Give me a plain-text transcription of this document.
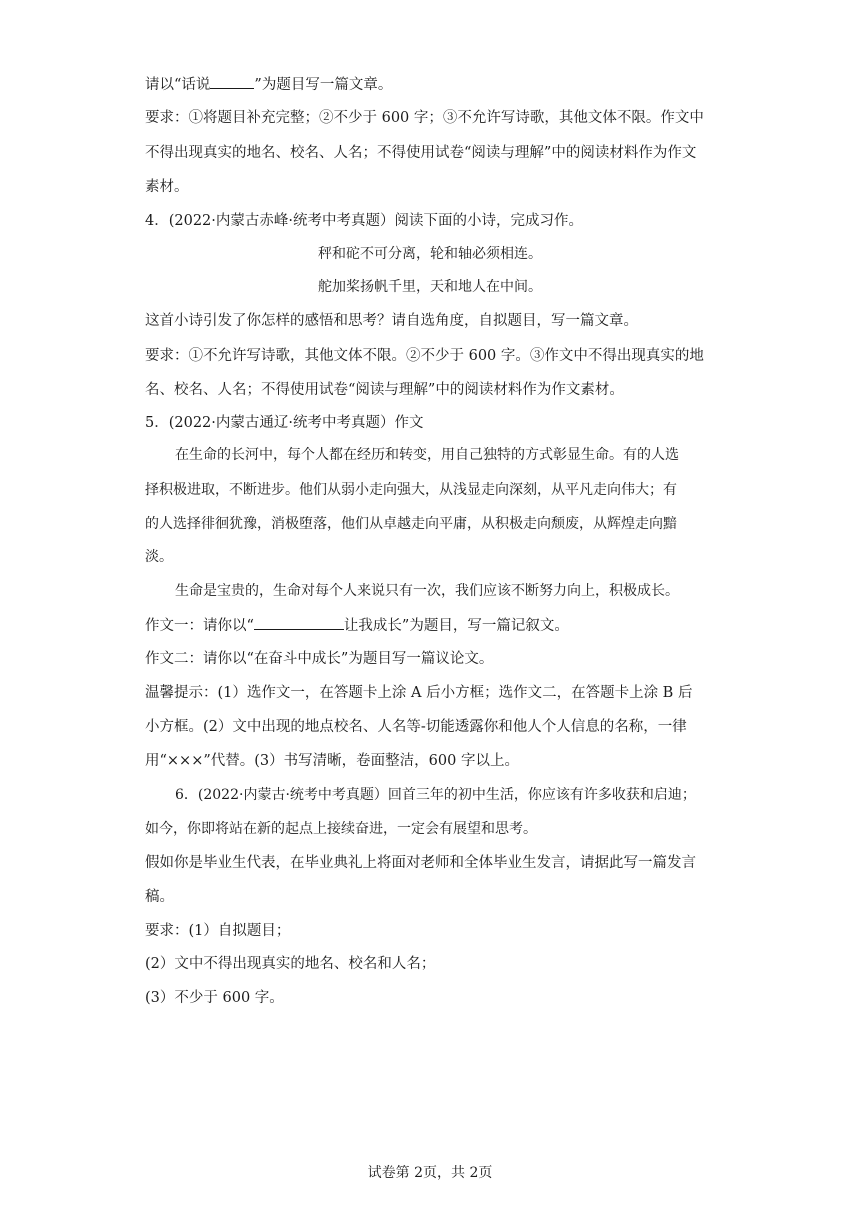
请以“话说	”为题目写一篇文章。
要求：①将题目补充完整；②不少于 600 字；③不允许写诗歌，其他文体不限。作文中
不得出现真实的地名、校名、人名；不得使用试卷“阅读与理解”中的阅读材料作为作文
素材。
4．(2022·内蒙古赤峰·统考中考真题）阅读下面的小诗，完成习作。
秤和砣不可分离，轮和轴必须相连。
舵加桨扬帆千里，天和地人在中间。
这首小诗引发了你怎样的感悟和思考？请自选角度，自拟题目，写一篇文章。
要求：①不允许写诗歌，其他文体不限。②不少于 600 字。③作文中不得出现真实的地
名、校名、人名；不得使用试卷“阅读与理解”中的阅读材料作为作文素材。
5．(2022·内蒙古通辽·统考中考真题）作文
在生命的长河中，每个人都在经历和转变，用自己独特的方式彰显生命。有的人选
择积极进取，不断进步。他们从弱小走向强大，从浅显走向深刻，从平凡走向伟大；有
的人选择徘徊犹豫，消极堕落，他们从卓越走向平庸，从积极走向颓废，从辉煌走向黯
淡。
生命是宝贵的，生命对每个人来说只有一次，我们应该不断努力向上，积极成长。
作文一：请你以“	让我成长”为题目，写一篇记叙文。
作文二：请你以“在奋斗中成长”为题目写一篇议论文。
温馨提示：(1）选作文一，在答题卡上涂 A 后小方框；选作文二，在答题卡上涂 B 后
小方框。(2）文中出现的地点校名、人名等-切能透露你和他人个人信息的名称，一律
用“×××”代替。(3）书写清晰，卷面整洁，600 字以上。
6．(2022·内蒙古·统考中考真题）回首三年的初中生活，你应该有许多收获和启迪；
如今，你即将站在新的起点上接续奋进，一定会有展望和思考。
假如你是毕业生代表，在毕业典礼上将面对老师和全体毕业生发言，请据此写一篇发言
稿。
要求：(1）自拟题目；
(2）文中不得出现真实的地名、校名和人名；
(3）不少于 600 字。
试卷第 2页，共 2页
